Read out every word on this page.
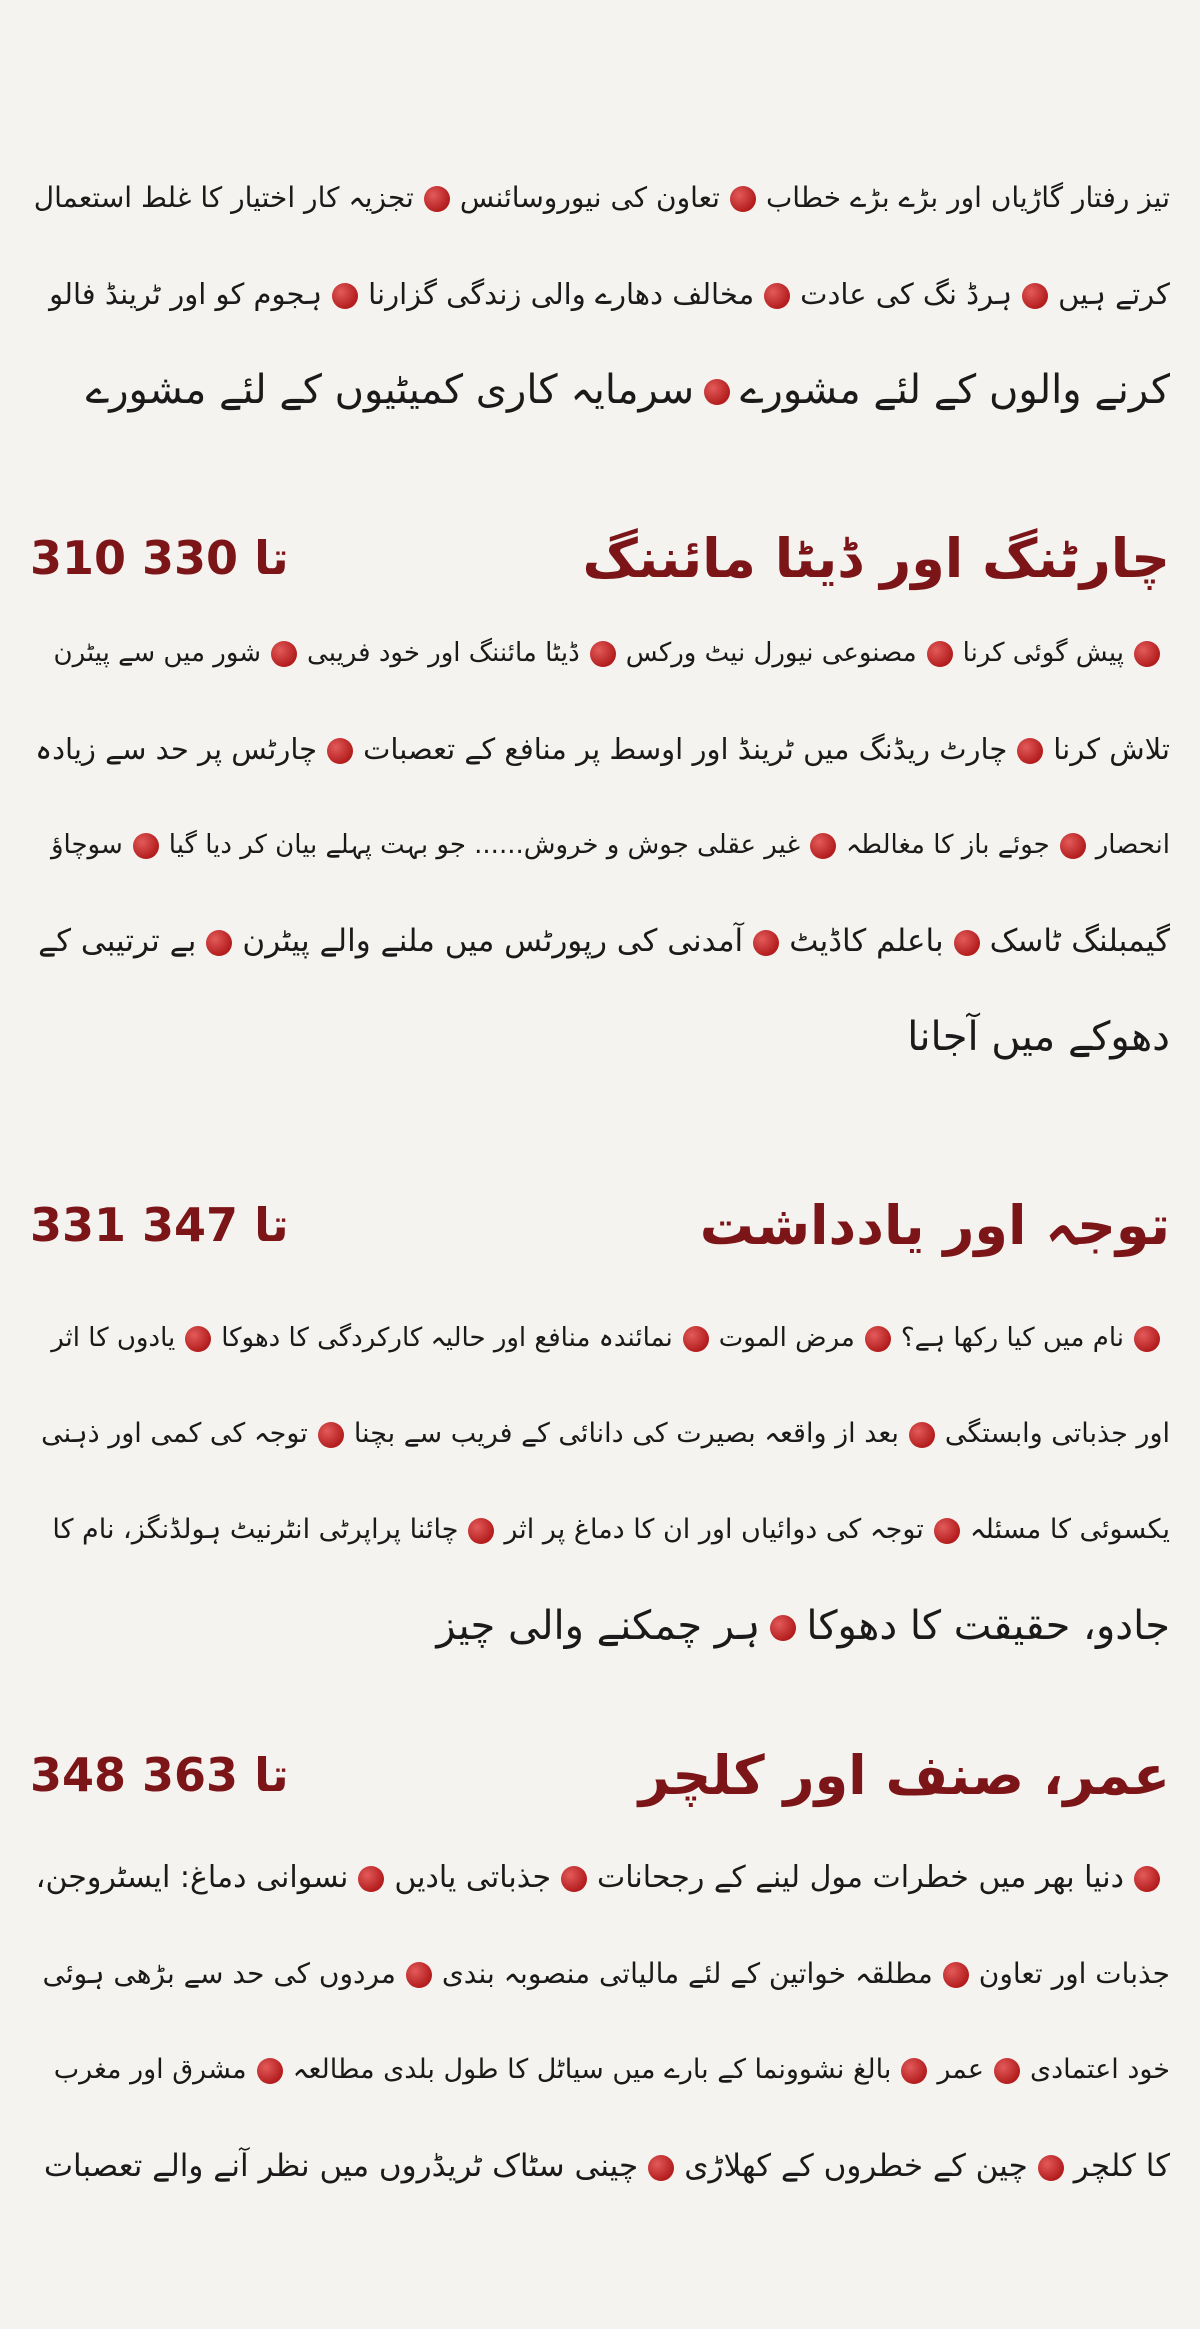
تیز رفتار گاڑیاں اور بڑے بڑے خطابتعاون کی نیوروسائنستجزیہ کار اختیار کا غلط استعمال
کرتے ہیںہرڈ نگ کی عادتمخالف دھارے والی زندگی گزارناہجوم کو اور ٹرینڈ فالو
کرنے والوں کے لئے مشورےسرمایہ کاری کمیٹیوں کے لئے مشورے
310 تا 330	چارٹنگ اور ڈیٹا مائننگ
پیش گوئی کرنامصنوعی نیورل نیٹ ورکسڈیٹا مائننگ اور خود فریبیشور میں سے پیٹرن
تلاش کرناچارٹ ریڈنگ میں ٹرینڈ اور اوسط پر منافع کے تعصباتچارٹس پر حد سے زیادہ
انحصارجوئے باز کا مغالطہغیر عقلی جوش و خروش...... جو بہت پہلے بیان کر دیا گیاسوچاؤ
گیمبلنگ ٹاسکباعلم کاڈیٹآمدنی کی رپورٹس میں ملنے والے پیٹرنبے ترتیبی کے
دھوکے میں آجانا
331 تا 347	توجہ اور یادداشت
نام میں کیا رکھا ہے؟مرض الموتنمائندہ منافع اور حالیہ کارکردگی کا دھوکایادوں کا اثر
اور جذباتی وابستگیبعد از واقعہ بصیرت کی دانائی کے فریب سے بچناتوجہ کی کمی اور ذہنی
یکسوئی کا مسئلہتوجہ کی دوائیاں اور ان کا دماغ پر اثرچائنا پراپرٹی انٹرنیٹ ہولڈنگز، نام کا
جادو، حقیقت کا دھوکاہر چمکنے والی چیز
348 تا 363	عمر، صنف اور کلچر
دنیا بھر میں خطرات مول لینے کے رجحاناتجذباتی یادیںنسوانی دماغ: ایسٹروجن،
جذبات اور تعاونمطلقہ خواتین کے لئے مالیاتی منصوبہ بندیمردوں کی حد سے بڑھی ہوئی
خود اعتمادیعمربالغ نشوونما کے بارے میں سیاٹل کا طول بلدی مطالعہمشرق اور مغرب
کا کلچرچین کے خطروں کے کھلاڑیچینی سٹاک ٹریڈروں میں نظر آنے والے تعصبات
